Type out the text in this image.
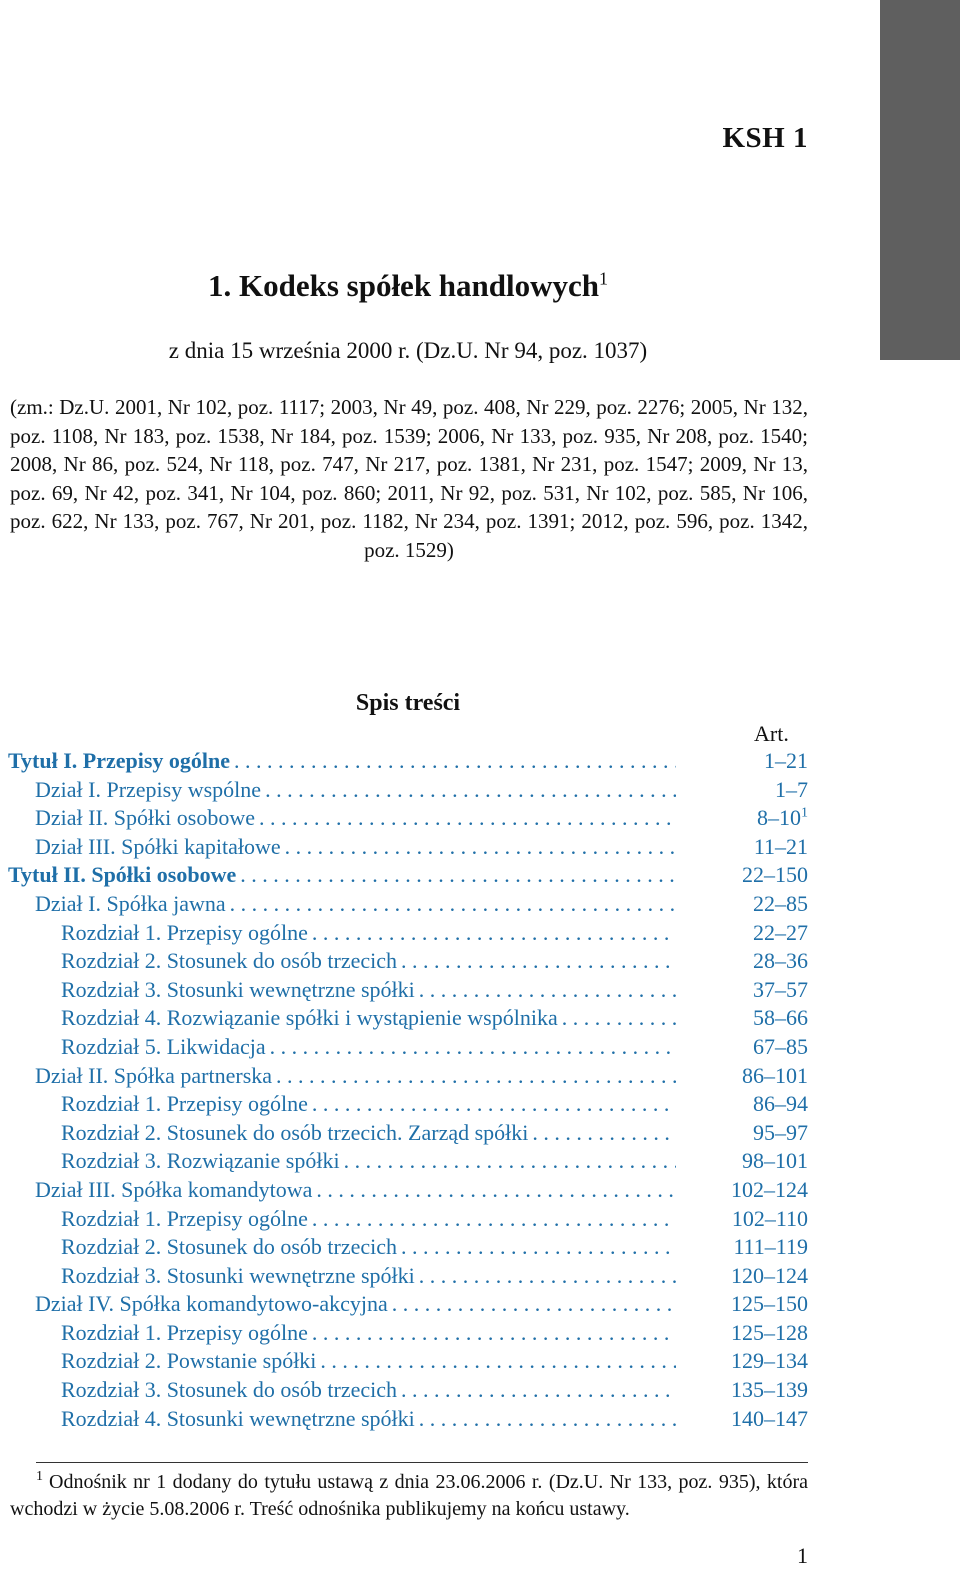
KSH 1
1. Kodeks spółek handlowych$^1$
z dnia 15 września 2000 r. (Dz.U. Nr 94, poz. 1037)
(zm.: Dz.U. 2001, Nr 102, poz. 1117; 2003, Nr 49, poz. 408, Nr 229, poz. 2276; 2005, Nr 132, poz. 1108, Nr 183, poz. 1538, Nr 184, poz. 1539; 2006, Nr 133, poz. 935, Nr 208, poz. 1540; 2008, Nr 86, poz. 524, Nr 118, poz. 747, Nr 217, poz. 1381, Nr 231, poz. 1547; 2009, Nr 13, poz. 69, Nr 42, poz. 341, Nr 104, poz. 860; 2011, Nr 92, poz. 531, Nr 102, poz. 585, Nr 106, poz. 622, Nr 133, poz. 767, Nr 201, poz. 1182, Nr 234, poz. 1391; 2012, poz. 596, poz. 1342, poz. 1529)
Spis treści
Art.
Tytuł I. Przepisy ogólne . . .	1–21
Dział I. Przepisy wspólne . . .	1–7
Dział II. Spółki osobowe . . .	$8-10^1$
Dział III. Spółki kapitałowe . . .	11–21
Tytuł II. Spółki osobowe . . .	22–150
Dział I. Spółka jawna . . .	22–85
Rozdział 1. Przepisy ogólne . . .	22–27
Rozdział 2. Stosunek do osób trzecich . . .	28–36
Rozdział 3. Stosunki wewnętrzne spółki . . .	37–57
Rozdział 4. Rozwiązanie spółki i wystąpienie wspólnika . . .	58–66
Rozdział 5. Likwidacja . . .	67–85
Dział II. Spółka partnerska . . .	86–101
Rozdział 1. Przepisy ogólne . . .	86–94
Rozdział 2. Stosunek do osób trzecich. Zarząd spółki . . .	95–97
Rozdział 3. Rozwiązanie spółki . . .	98–101
Dział III. Spółka komandytowa . . .	102–124
Rozdział 1. Przepisy ogólne . . .	102–110
Rozdział 2. Stosunek do osób trzecich . . .	111–119
Rozdział 3. Stosunki wewnętrzne spółki . . .	120–124
Dział IV. Spółka komandytowo-akcyjna . . .	125–150
Rozdział 1. Przepisy ogólne . . .	125–128
Rozdział 2. Powstanie spółki . . .	129–134
Rozdział 3. Stosunek do osób trzecich . . .	135–139
Rozdział 4. Stosunki wewnętrzne spółki . . .	140–147
$^1$ Odnośnik nr 1 dodany do tytułu ustawą z dnia 23.06.2006 r. (Dz.U. Nr 133, poz. 935), która wchodzi w życie 5.08.2006 r. Treść odnośnika publikujemy na końcu ustawy.
1
